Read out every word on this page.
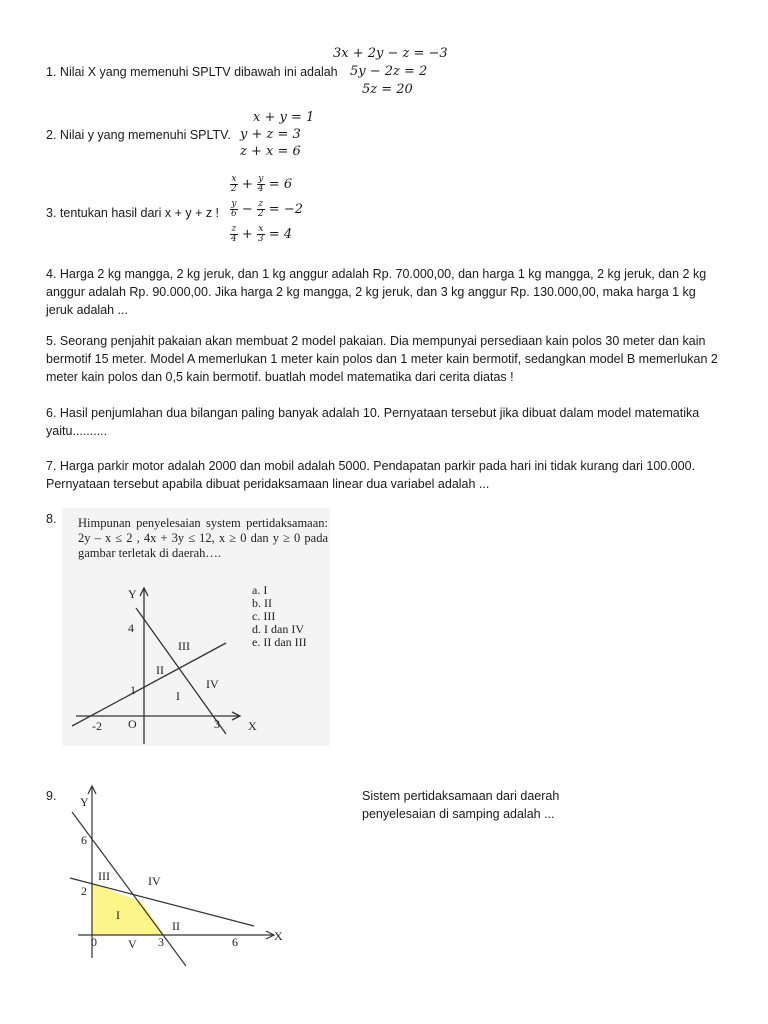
1. Nilai X yang memenuhi SPLTV dibawah ini adalah
3x + 2y − z = −3
5y − 2z = 2
5z = 20
2. Nilai y yang memenuhi SPLTV.
x + y = 1
y + z = 3
z + x = 6
3. tentukan hasil dari x + y + z !
$\frac{x}{2} + \frac{y}{4} = 6$
$\frac{y}{6} - \frac{z}{2} = -2$
$\frac{z}{4} + \frac{x}{3} = 4$
4. Harga 2 kg mangga, 2 kg jeruk, dan 1 kg anggur adalah Rp. 70.000,00, dan harga 1 kg mangga, 2 kg jeruk, dan 2 kg anggur adalah Rp. 90.000,00. Jika harga 2 kg mangga, 2 kg jeruk, dan 3 kg anggur Rp. 130.000,00, maka harga 1 kg jeruk adalah ...
5. Seorang penjahit pakaian akan membuat 2 model pakaian. Dia mempunyai persediaan kain polos 30 meter dan kain bermotif 15 meter. Model A memerlukan 1 meter kain polos dan 1 meter kain bermotif, sedangkan model B memerlukan 2 meter kain polos dan 0,5 kain bermotif. buatlah model matematika dari cerita diatas !
6. Hasil penjumlahan dua bilangan paling banyak adalah 10. Pernyataan tersebut jika dibuat dalam model matematika yaitu..........
7. Harga parkir motor adalah 2000 dan mobil adalah 5000. Pendapatan parkir pada hari ini tidak kurang dari 100.000. Pernyataan tersebut apabila dibuat peridaksamaan linear dua variabel adalah ...
8. Himpunan penyelesaian system pertidaksamaan: 2y – x ≤ 2 , 4x + 3y ≤ 12, x ≥ 0 dan y ≥ 0 pada gambar terletak di daerah….
a. I
b. II
c. III
d. I dan IV
e. II dan III
Y
X
-2 O	3
4
1	I
II
III
IV
9.	Sistem pertidaksamaan dari daerah penyelesaian di samping adalah ...
Y
X
0	3	6
2
6
I
II
III	IV
V
